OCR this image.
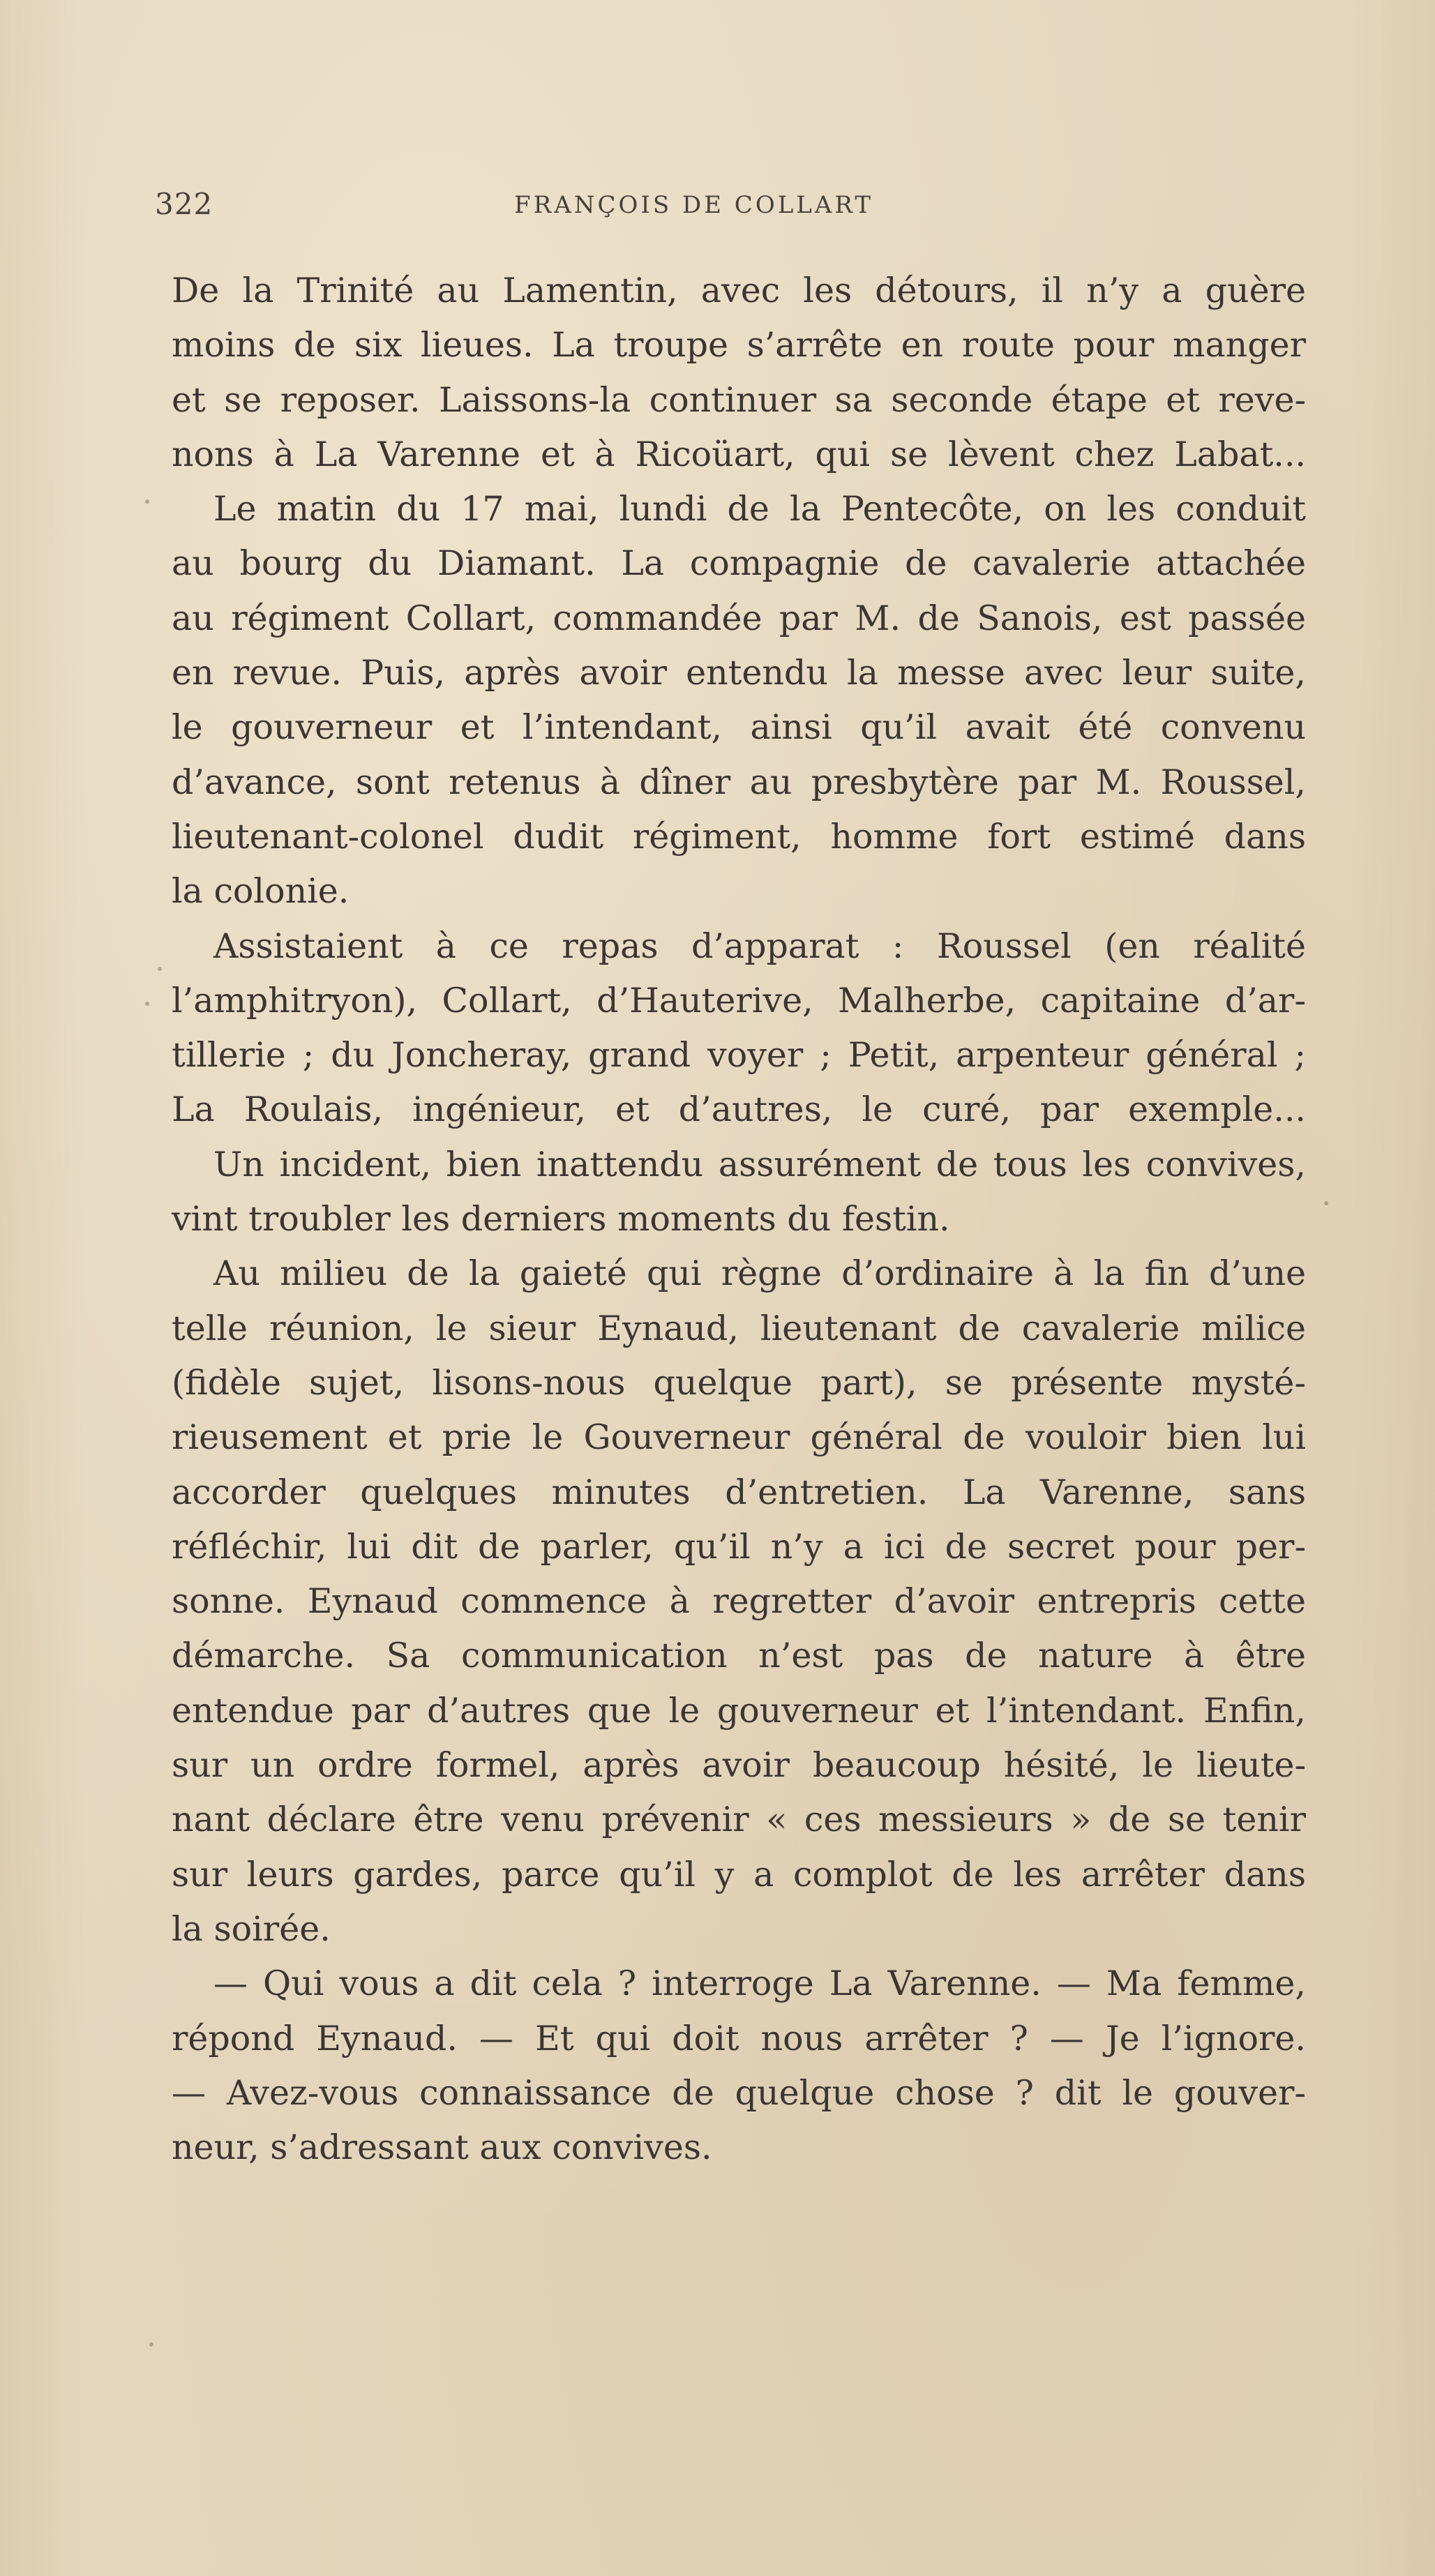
322	FRANÇOIS DE COLLART
De la Trinité au Lamentin, avec les détours, il n’y a guère
moins de six lieues. La troupe s’arrête en route pour manger
et se reposer. Laissons-la continuer sa seconde étape et reve-
nons à La Varenne et à Ricoüart, qui se lèvent chez Labat...
Le matin du 17 mai, lundi de la Pentecôte, on les conduit
au bourg du Diamant. La compagnie de cavalerie attachée
au régiment Collart, commandée par M. de Sanois, est passée
en revue. Puis, après avoir entendu la messe avec leur suite,
le gouverneur et l’intendant, ainsi qu’il avait été convenu
d’avance, sont retenus à dîner au presbytère par M. Roussel,
lieutenant-colonel dudit régiment, homme fort estimé dans
la colonie.
Assistaient à ce repas d’apparat : Roussel (en réalité
l’amphitryon), Collart, d’Hauterive, Malherbe, capitaine d’ar-
tillerie ; du Joncheray, grand voyer ; Petit, arpenteur général ;
La Roulais, ingénieur, et d’autres, le curé, par exemple...
Un incident, bien inattendu assurément de tous les convives,
vint troubler les derniers moments du festin.
Au milieu de la gaieté qui règne d’ordinaire à la fin d’une
telle réunion, le sieur Eynaud, lieutenant de cavalerie milice
(fidèle sujet, lisons-nous quelque part), se présente mysté-
rieusement et prie le Gouverneur général de vouloir bien lui
accorder quelques minutes d’entretien. La Varenne, sans
réfléchir, lui dit de parler, qu’il n’y a ici de secret pour per-
sonne. Eynaud commence à regretter d’avoir entrepris cette
démarche. Sa communication n’est pas de nature à être
entendue par d’autres que le gouverneur et l’intendant. Enfin,
sur un ordre formel, après avoir beaucoup hésité, le lieute-
nant déclare être venu prévenir « ces messieurs » de se tenir
sur leurs gardes, parce qu’il y a complot de les arrêter dans
la soirée.
— Qui vous a dit cela ? interroge La Varenne. — Ma femme,
répond Eynaud. — Et qui doit nous arrêter ? — Je l’ignore.
— Avez-vous connaissance de quelque chose ? dit le gouver-
neur, s’adressant aux convives.
